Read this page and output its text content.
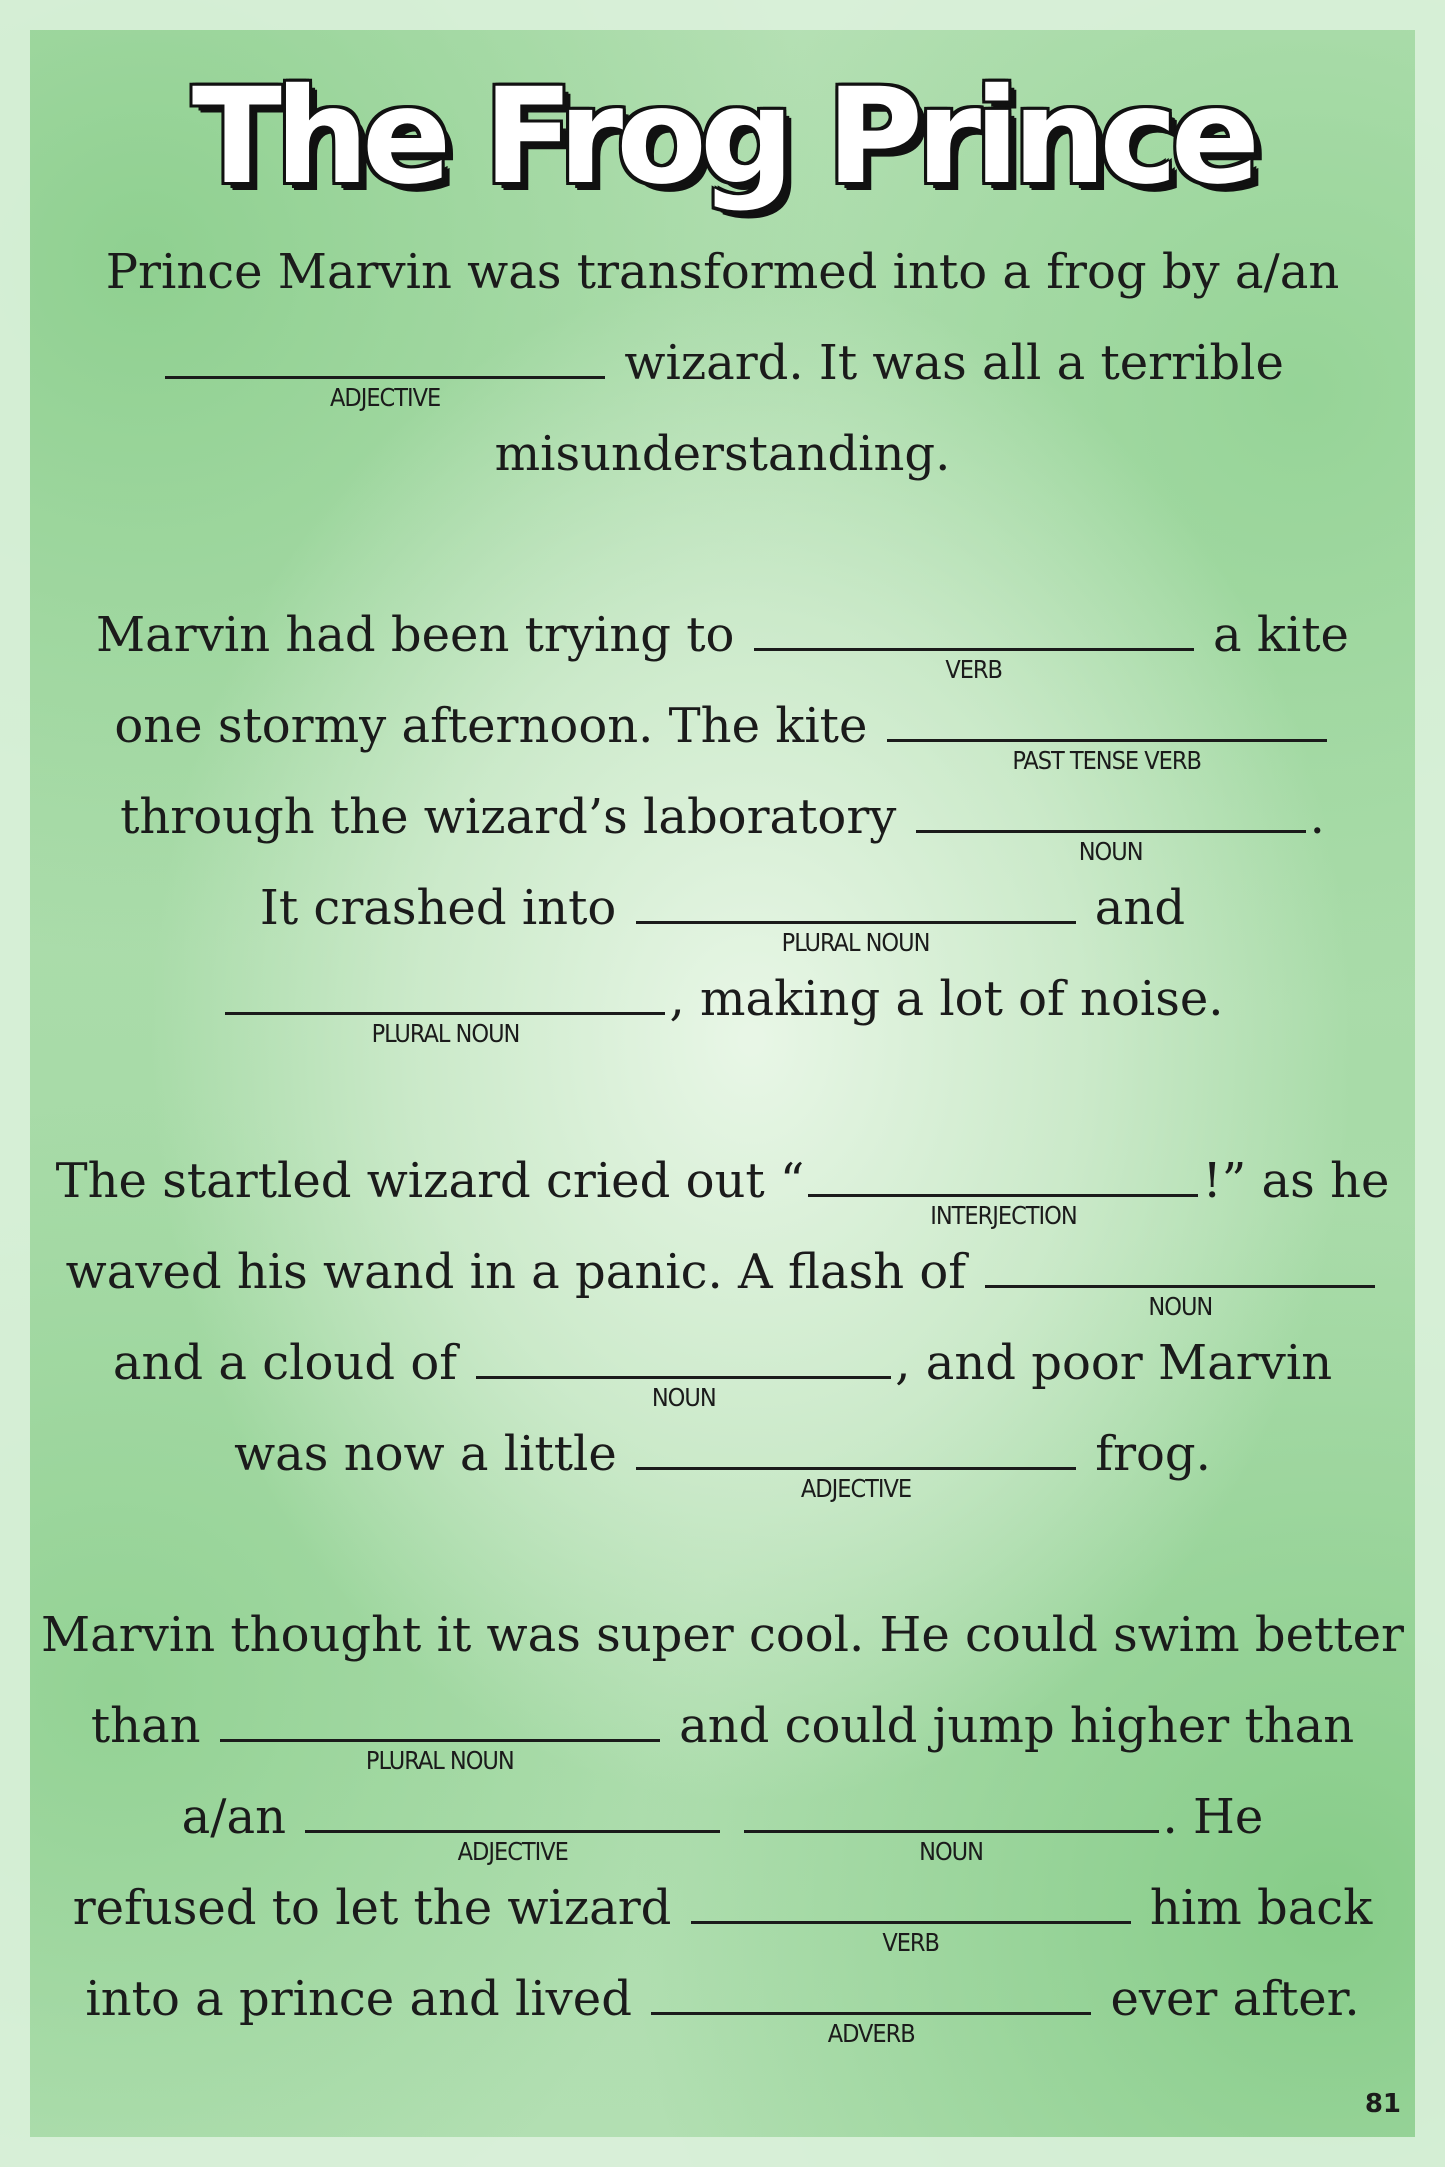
The Frog Prince
Prince Marvin was transformed into a frog by a/an
ADJECTIVE
wizard. It was all a terrible
misunderstanding.
Marvin had been trying to
VERB
a kite
one stormy afternoon. The kite
PAST TENSE VERB
through the wizard’s laboratory
NOUN
.
It crashed into
PLURAL NOUN
and
PLURAL NOUN
, making a lot of noise.
The startled wizard cried out “
INTERJECTION
!” as he
waved his wand in a panic. A flash of
NOUN
and a cloud of
NOUN
, and poor Marvin
was now a little
ADJECTIVE
frog.
Marvin thought it was super cool. He could swim better
than
PLURAL NOUN
and could jump higher than
a/an
ADJECTIVE
	NOUN
. He
refused to let the wizard
VERB
him back
into a prince and lived
ADVERB
ever after.
81
